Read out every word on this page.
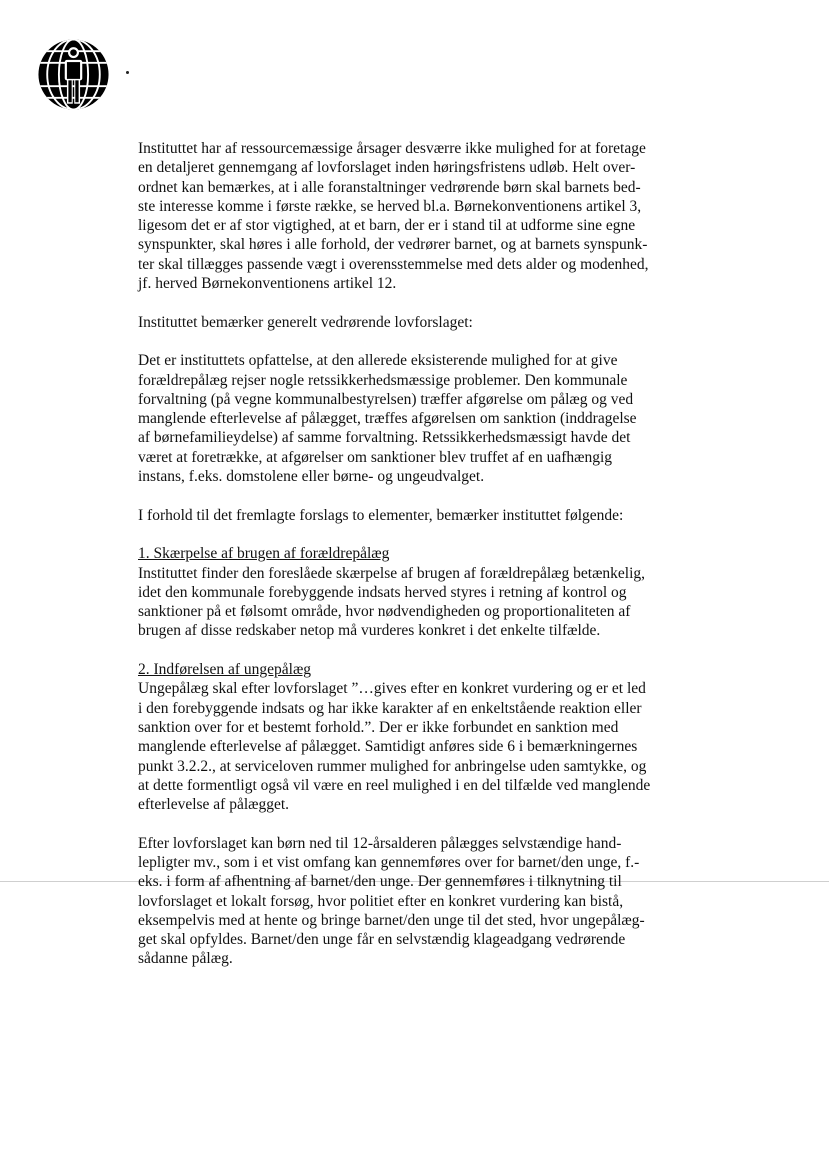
Instituttet har af ressourcemæssige årsager desværre ikke mulighed for at foretage
en detaljeret gennemgang af lovforslaget inden høringsfristens udløb. Helt over-
ordnet kan bemærkes, at i alle foranstaltninger vedrørende børn skal barnets bed-
ste interesse komme i første række, se herved bl.a. Børnekonventionens artikel 3,
ligesom det er af stor vigtighed, at et barn, der er i stand til at udforme sine egne
synspunkter, skal høres i alle forhold, der vedrører barnet, og at barnets synspunk-
ter skal tillægges passende vægt i overensstemmelse med dets alder og modenhed,
jf. herved Børnekonventionens artikel 12.
Instituttet bemærker generelt vedrørende lovforslaget:
Det er instituttets opfattelse, at den allerede eksisterende mulighed for at give
forældrepålæg rejser nogle retssikkerhedsmæssige problemer. Den kommunale
forvaltning (på vegne kommunalbestyrelsen) træffer afgørelse om pålæg og ved
manglende efterlevelse af pålægget, træffes afgørelsen om sanktion (inddragelse
af børnefamilieydelse) af samme forvaltning. Retssikkerhedsmæssigt havde det
været at foretrække, at afgørelser om sanktioner blev truffet af en uafhængig
instans, f.eks. domstolene eller børne- og ungeudvalget.
I forhold til det fremlagte forslags to elementer, bemærker instituttet følgende:
1. Skærpelse af brugen af forældrepålæg
Instituttet finder den foreslåede skærpelse af brugen af forældrepålæg betænkelig,
idet den kommunale forebyggende indsats herved styres i retning af kontrol og
sanktioner på et følsomt område, hvor nødvendigheden og proportionaliteten af
brugen af disse redskaber netop må vurderes konkret i det enkelte tilfælde.
2. Indførelsen af ungepålæg
Ungepålæg skal efter lovforslaget ”…gives efter en konkret vurdering og er et led
i den forebyggende indsats og har ikke karakter af en enkeltstående reaktion eller
sanktion over for et bestemt forhold.”. Der er ikke forbundet en sanktion med
manglende efterlevelse af pålægget. Samtidigt anføres side 6 i bemærkningernes
punkt 3.2.2., at serviceloven rummer mulighed for anbringelse uden samtykke, og
at dette formentligt også vil være en reel mulighed i en del tilfælde ved manglende
efterlevelse af pålægget.
Efter lovforslaget kan børn ned til 12-årsalderen pålægges selvstændige hand-
lepligter mv., som i et vist omfang kan gennemføres over for barnet/den unge, f.-
eks. i form af afhentning af barnet/den unge. Der gennemføres i tilknytning til
lovforslaget et lokalt forsøg, hvor politiet efter en konkret vurdering kan bistå,
eksempelvis med at hente og bringe barnet/den unge til det sted, hvor ungepålæg-
get skal opfyldes. Barnet/den unge får en selvstændig klageadgang vedrørende
sådanne pålæg.
